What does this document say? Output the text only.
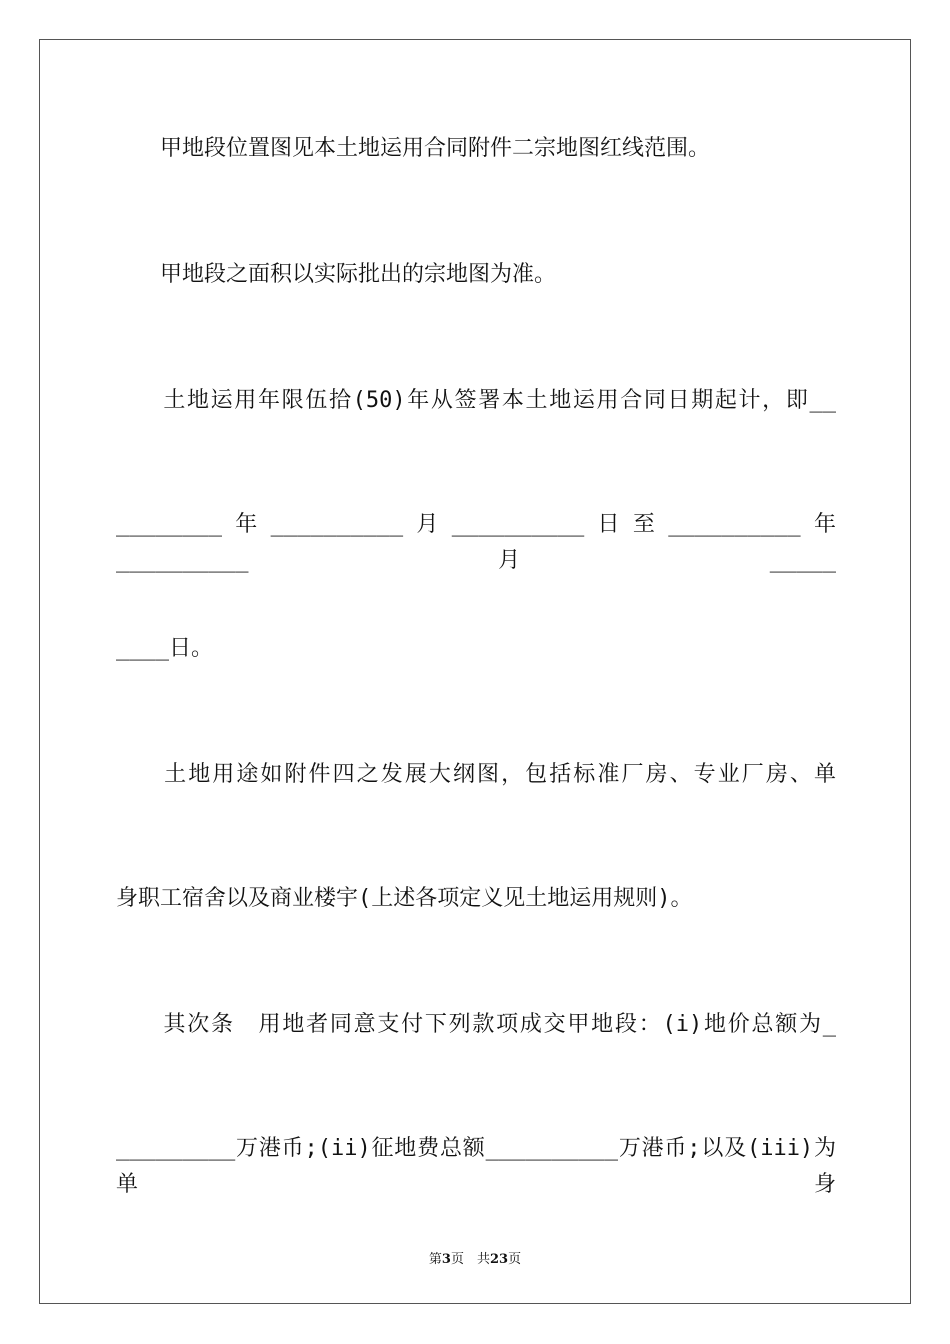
　　甲地段位置图见本土地运用合同附件二宗地图红线范围。
　　甲地段之面积以实际批出的宗地图为准。
　　土地运用年限伍拾(50)年从签署本土地运用合同日期起计，即__
________年__________月__________日至__________年__________月_____
____日。
　　土地用途如附件四之发展大纲图，包括标准厂房、专业厂房、单
身职工宿舍以及商业楼宇(上述各项定义见土地运用规则)。
　　其次条　用地者同意支付下列款项成交甲地段：(i)地价总额为_
_________万港币;(ii)征地费总额__________万港币;以及(iii)为单身
第3页　共23页
